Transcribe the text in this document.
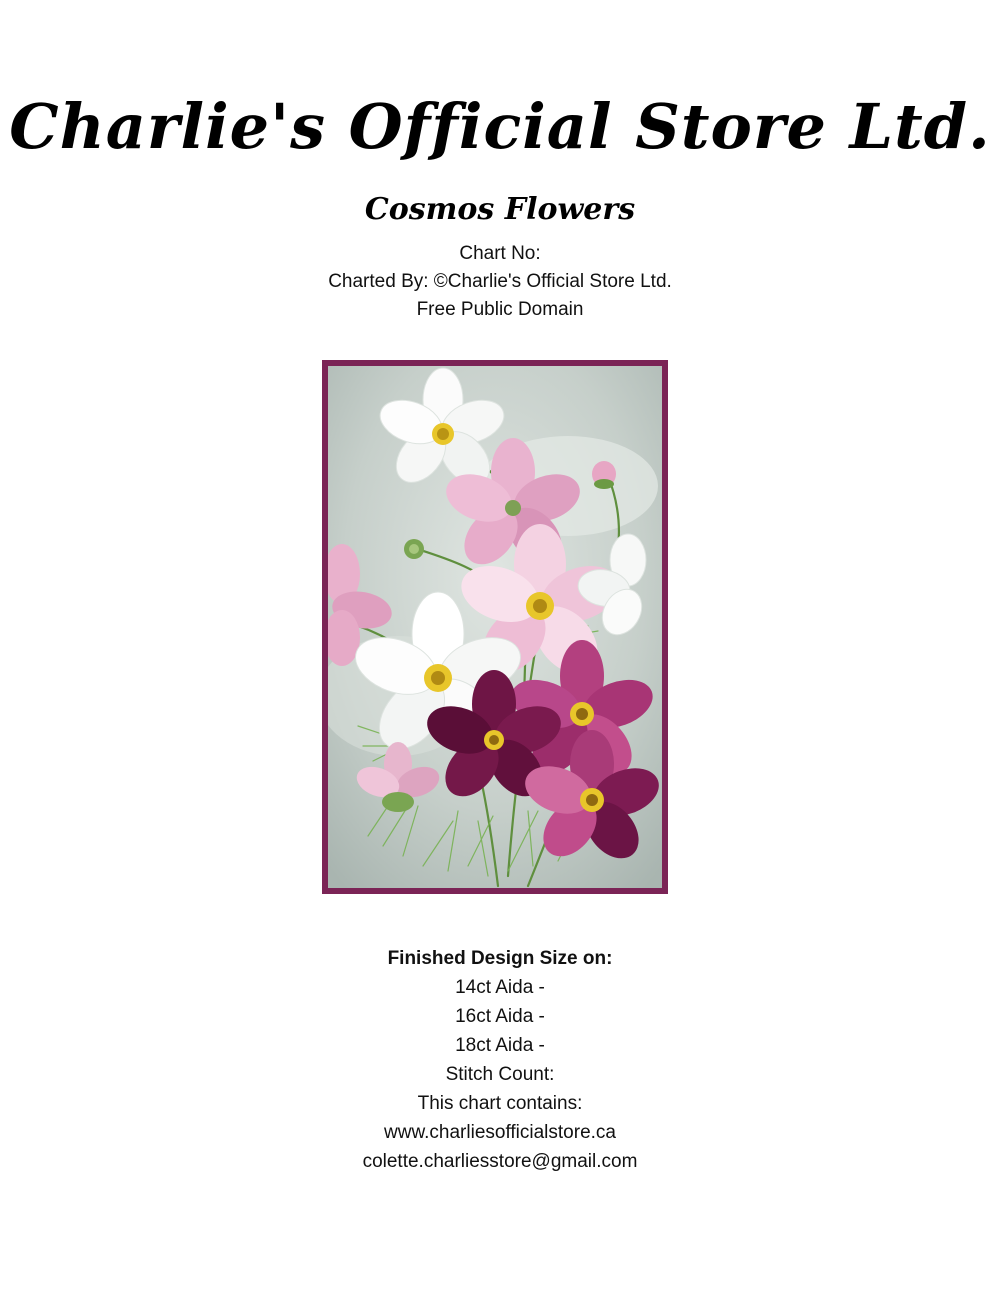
Charlie's Official Store Ltd.
Cosmos Flowers
Chart No:
Charted By: ©Charlie's Official Store Ltd.
Free Public Domain
Finished Design Size on:
14ct Aida -
16ct Aida -
18ct Aida -
Stitch Count:
This chart contains:
www.charliesofficialstore.ca
colette.charliesstore@gmail.com
